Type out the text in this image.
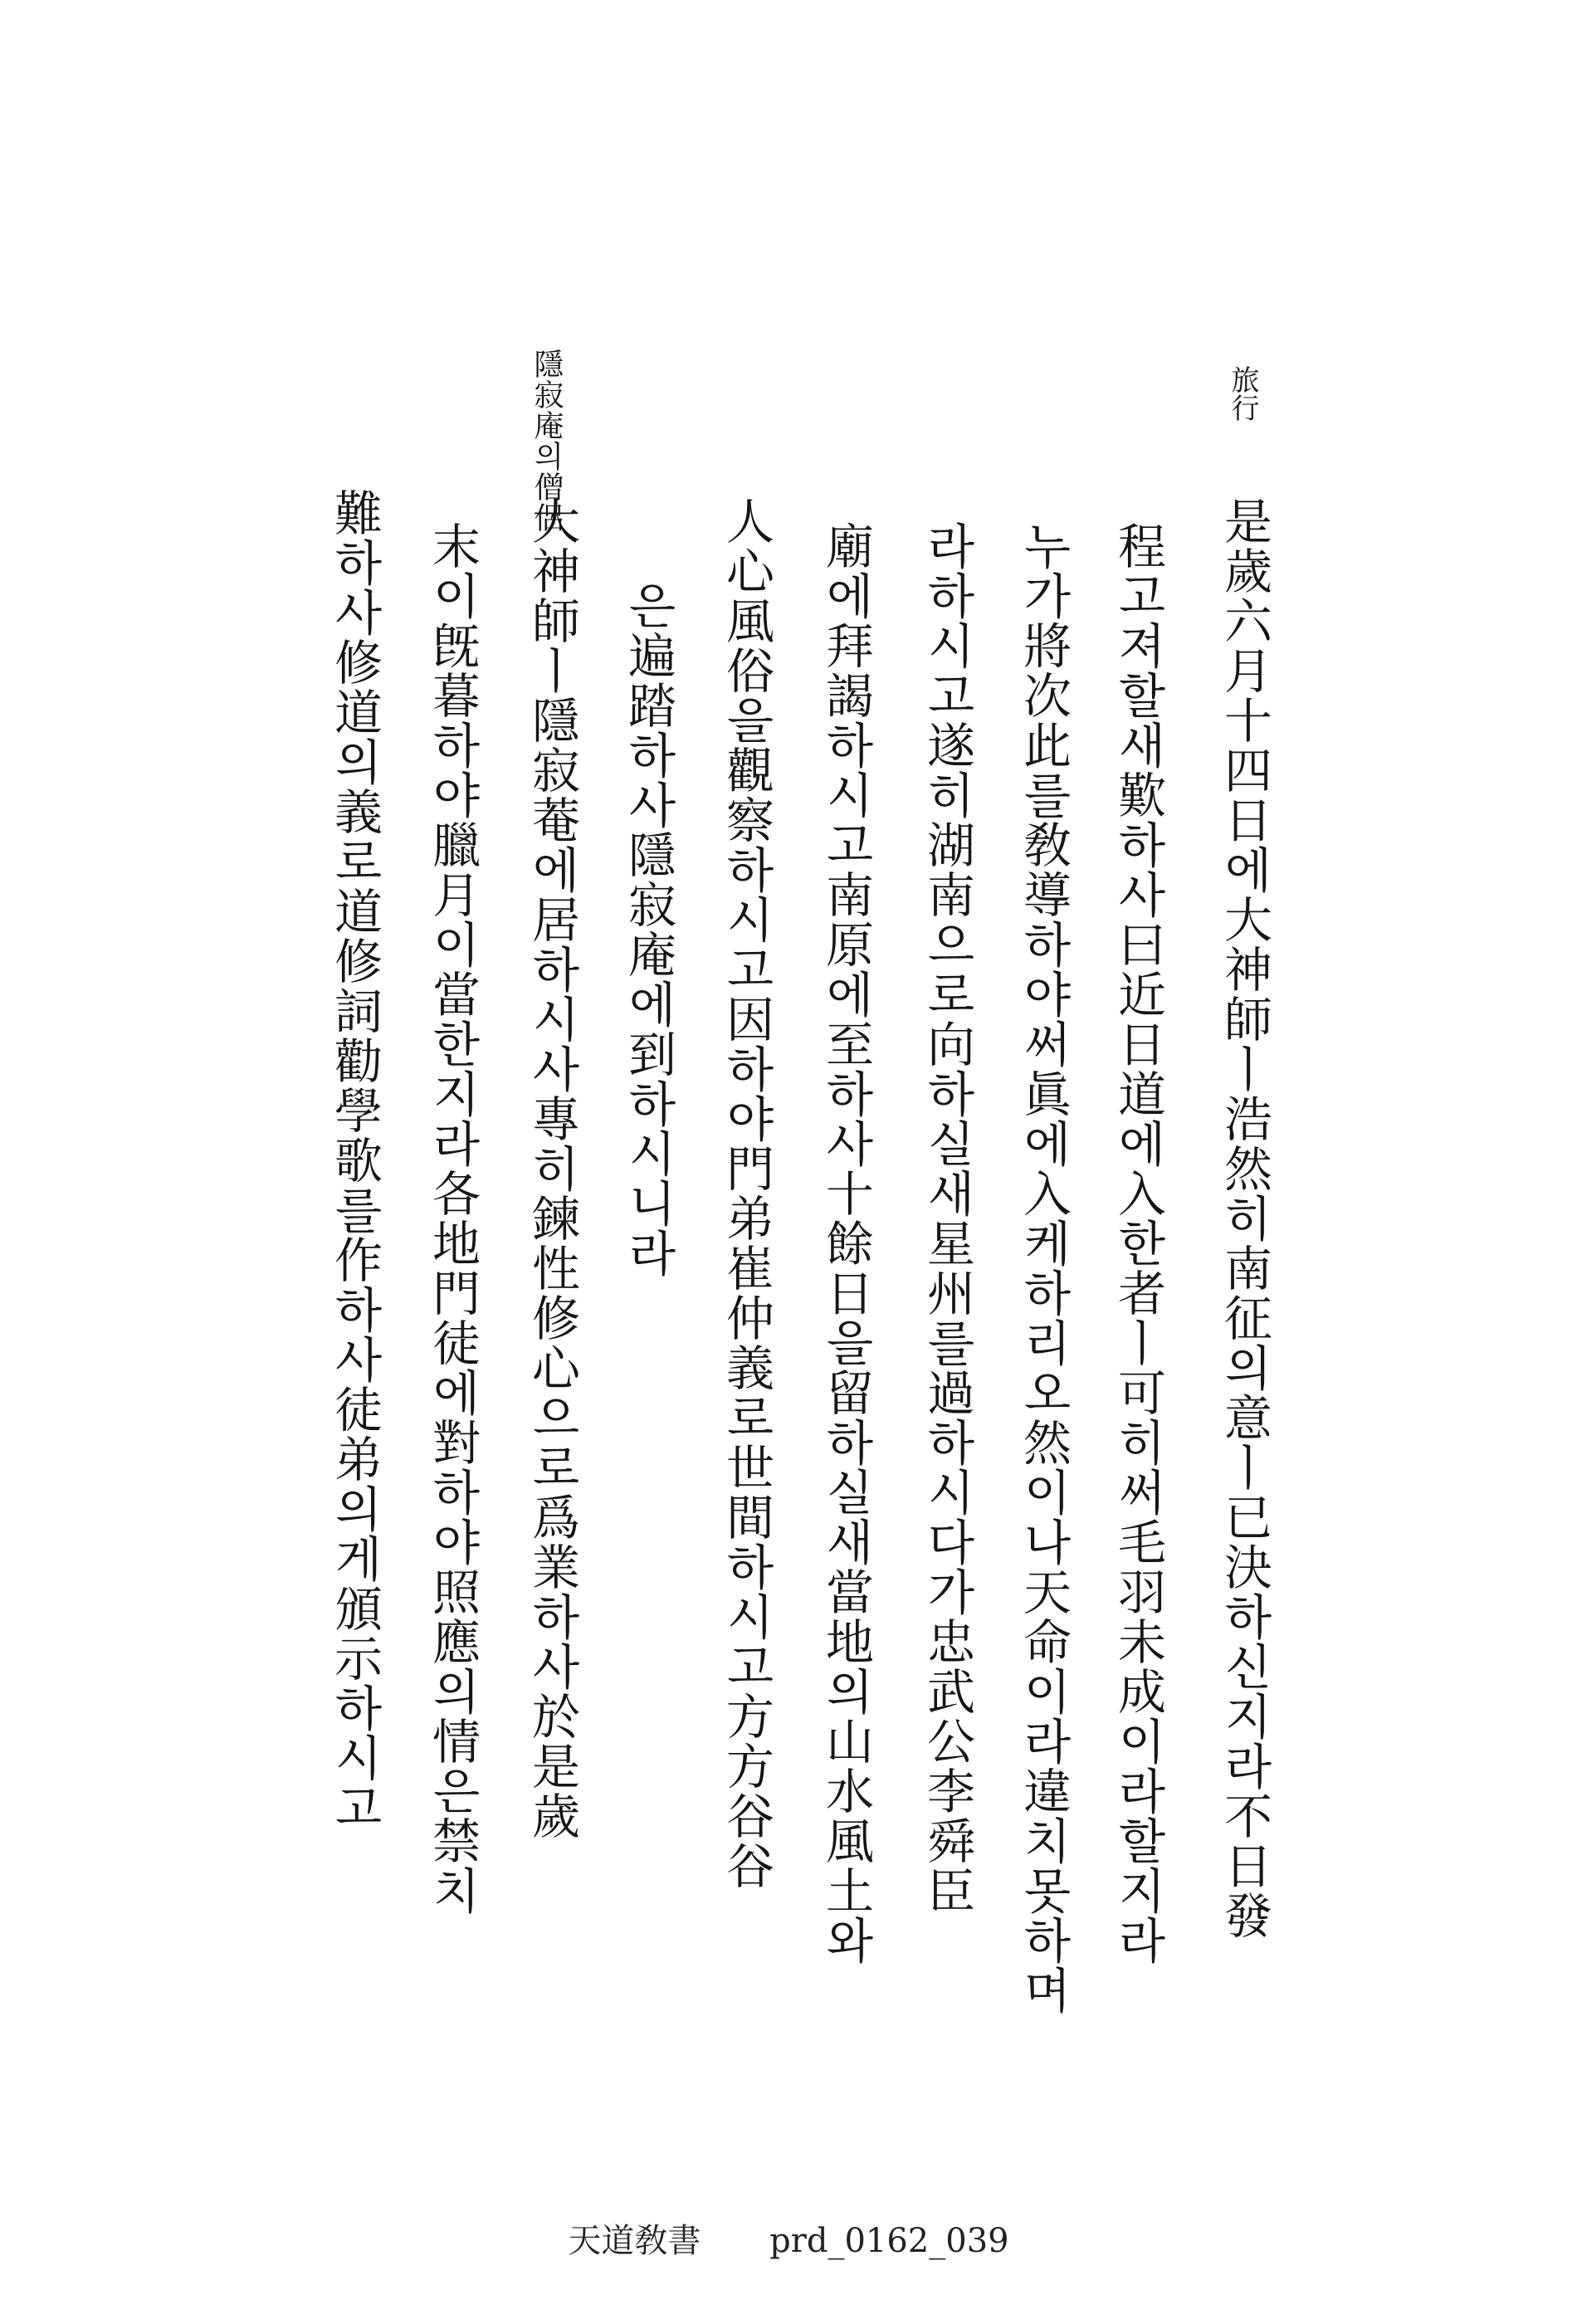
旅行
是歲六月十四日에大神師ㅣ浩然히南征의意ㅣ已決하신지라不日發
程고져할새歎하사曰近日道에入한者ㅣ可히써毛羽未成이라할지라
누가將次此를敎導하야써眞에入케하리오然이나天命이라違치못하며
라하시고遂히湖南으로向하실새星州를過하시다가忠武公李舜臣
廟에拜謁하시고南原에至하사十餘日을留하실새當地의山水風土와
人心風俗을觀察하시고因하야門弟崔仲義로世間하시고方方谷谷
은遍踏하사隱寂庵에到하시니라
大神師ㅣ隱寂菴에居하시사專히鍊性修心으로爲業하사於是歲
末이旣暮하야臘月이當한지라各地門徒에對하야照應의情은禁치
難하사修道의義로道修詞勸學歌를作하사徒弟의게頒示하시고
隱寂庵의僧侶
天道敎書 prd_0162_039
